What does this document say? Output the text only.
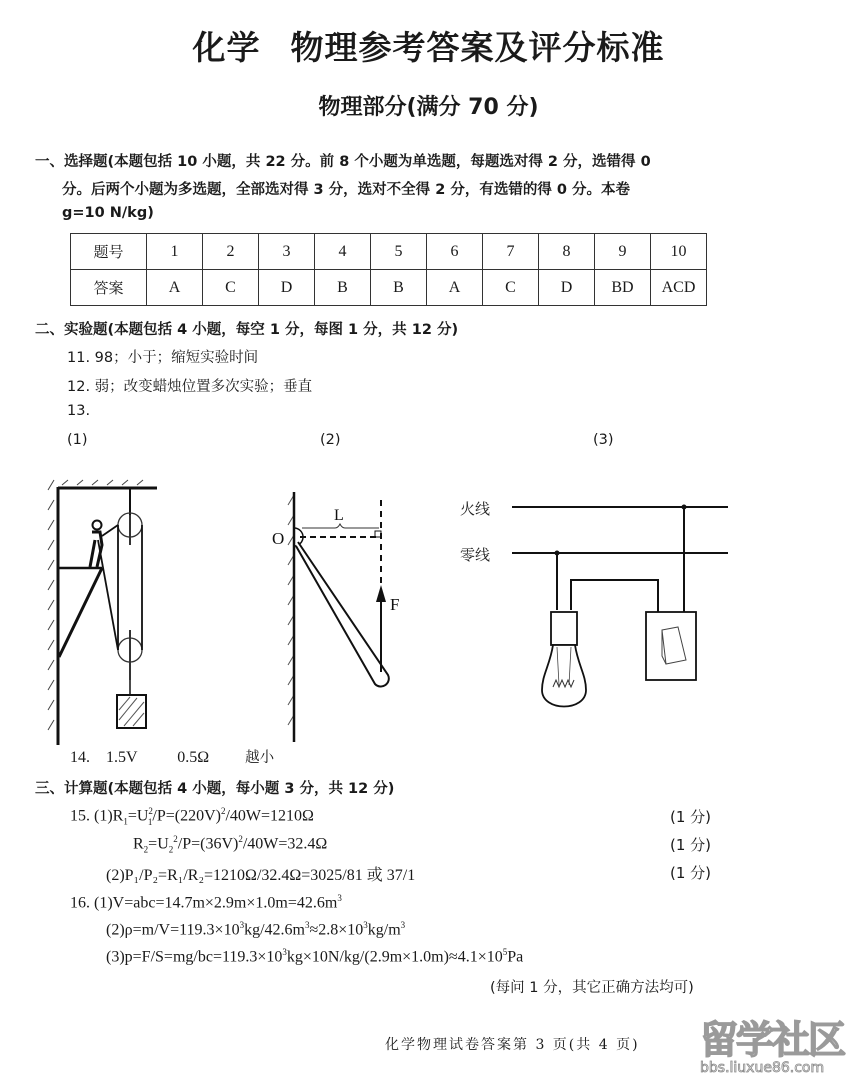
化学 物理参考答案及评分标准
物理部分(满分 70 分)
一、选择题(本题包括 10 小题，共 22 分。前 8 个小题为单选题，每题选对得 2 分，选错得 0
分。后两个小题为多选题，全部选对得 3 分，选对不全得 2 分，有选错的得 0 分。本卷
g=10 N/kg)
题号	1	2	3	4	5	6	7	8	9	10
答案	A	C	D	B	B	A	C	D	BD	ACD
二、实验题(本题包括 4 小题，每空 1 分，每图 1 分，共 12 分)
11. 98；小于；缩短实验时间
12. 弱；改变蜡烛位置多次实验；垂直
13.
(1)	(2)	(3)
O
L
F
火线
零线
14. 1.5V	0.5Ω 越小
三、计算题(本题包括 4 小题，每小题 3 分，共 12 分)
15. $(1)R_1=U^2_1/P=(220V)^2/40W=1210\Omega$	(1 分)
$R_2=U_2^2/P=(36V)^2/40W=32.4\Omega$	(1 分)
(2)P₁/P₂=R₁/R₂=1210Ω/32.4Ω=3025/81 或 37/1	(1 分)
16. $(1)V=abc=14.7m\times 2.9m\times 1.0m=42.6m^3$
$(2)\rho=m/V=119.3\times 10^3kg/42.6m^3\approx 2.8\times 10^3kg/m^3$
$(3)p=F/S=mg/bc=119.3\times 10^3kg\times 10N/kg/(2.9m\times 1.0m)\approx 4.1\times 10^5Pa$
(每问 1 分，其它正确方法均可)
化学物理试卷答案第 3 页(共 4 页) 留学社区
bbs.liuxue86.com
